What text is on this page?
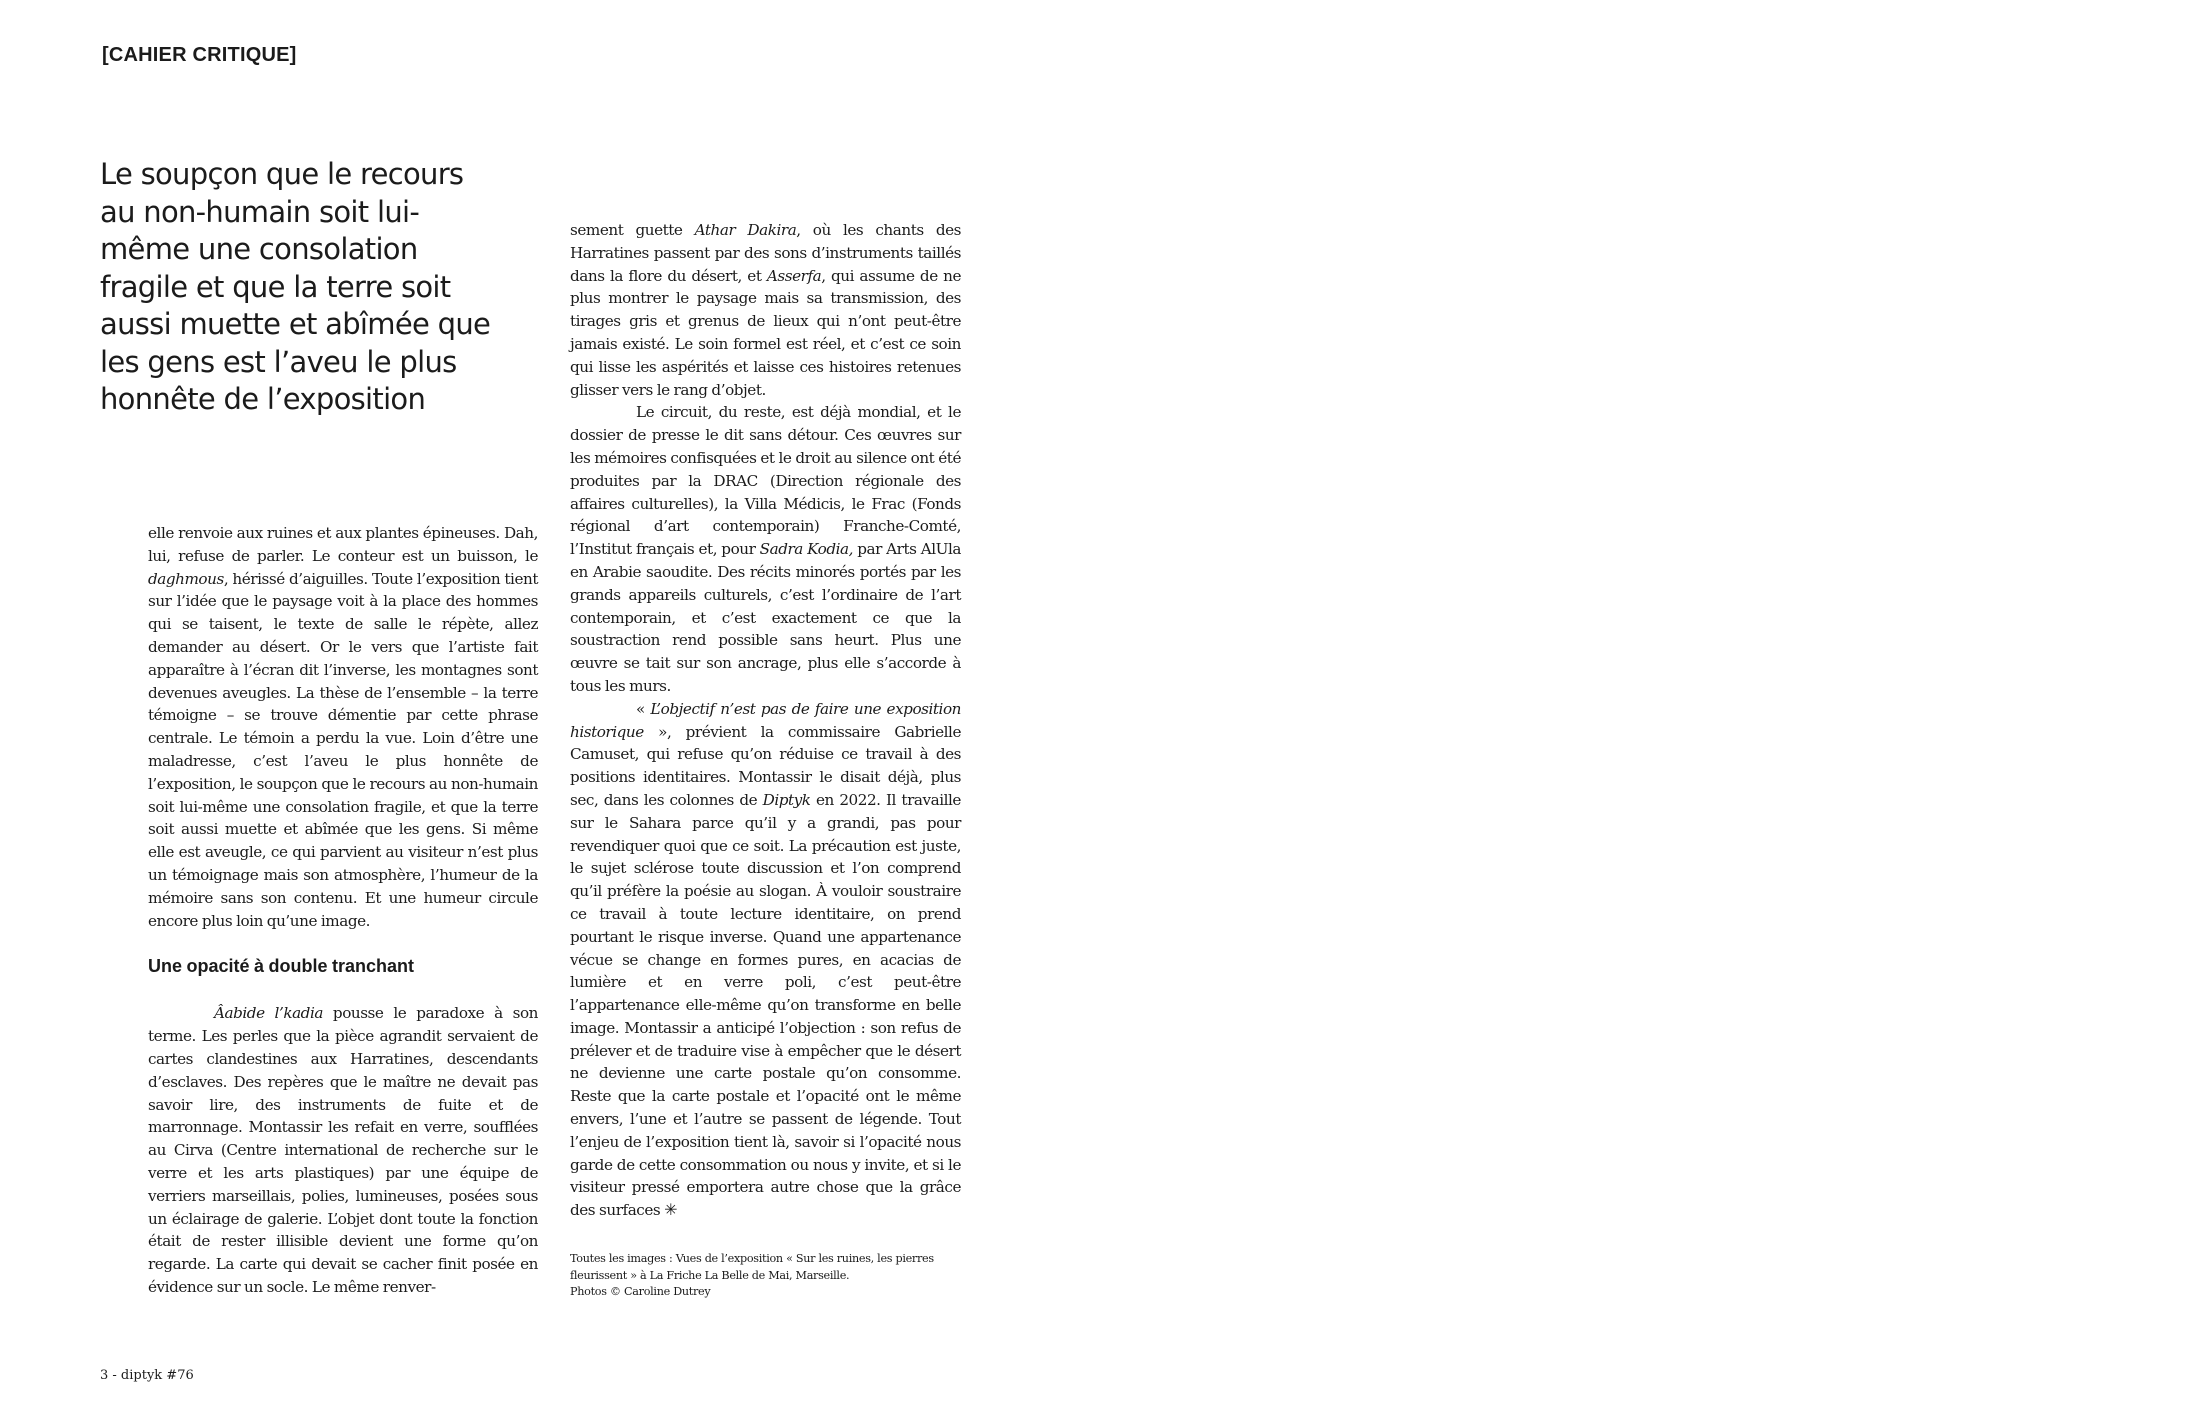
[CAHIER CRITIQUE]

Le soupçon que le recours au non-humain soit lui-même une consolation fragile et que la terre soit aussi muette et abîmée que les gens est l’aveu le plus honnête de l’exposition

elle renvoie aux ruines et aux plantes épineuses. Dah, lui, refuse de parler. Le conteur est un buisson, le daghmous, hérissé d’aiguilles. Toute l’exposition tient sur l’idée que le paysage voit à la place des hommes qui se taisent, le texte de salle le répète, allez demander au désert. Or le vers que l’artiste fait apparaître à l’écran dit l’inverse, les montagnes sont devenues aveugles. La thèse de l’ensemble – la terre témoigne – se trouve démentie par cette phrase centrale. Le témoin a perdu la vue. Loin d’être une maladresse, c’est l’aveu le plus honnête de l’exposition, le soupçon que le recours au non-humain soit lui-même une consolation fragile, et que la terre soit aussi muette et abîmée que les gens. Si même elle est aveugle, ce qui parvient au visiteur n’est plus un témoignage mais son atmosphère, l’humeur de la mémoire sans son contenu. Et une humeur circule encore plus loin qu’une image.

Une opacité à double tranchant

Âabide l’kadia pousse le paradoxe à son terme. Les perles que la pièce agrandit servaient de cartes clandestines aux Harratines, descendants d’esclaves. Des repères que le maître ne devait pas savoir lire, des instruments de fuite et de marronnage. Montassir les refait en verre, soufflées au Cirva (Centre international de recherche sur le verre et les arts plastiques) par une équipe de verriers marseillais, polies, lumineuses, posées sous un éclairage de galerie. L’objet dont toute la fonction était de rester illisible devient une forme qu’on regarde. La carte qui devait se cacher finit posée en évidence sur un socle. Le même renver-

sement guette Athar Dakira, où les chants des Harratines passent par des sons d’instruments taillés dans la flore du désert, et Asserfa, qui assume de ne plus montrer le paysage mais sa transmission, des tirages gris et grenus de lieux qui n’ont peut-être jamais existé. Le soin formel est réel, et c’est ce soin qui lisse les aspérités et laisse ces histoires retenues glisser vers le rang d’objet.

Le circuit, du reste, est déjà mondial, et le dossier de presse le dit sans détour. Ces œuvres sur les mémoires confisquées et le droit au silence ont été produites par la DRAC (Direction régionale des affaires culturelles), la Villa Médicis, le Frac (Fonds régional d’art contemporain) Franche-Comté, l’Institut français et, pour Sadra Kodia, par Arts AlUla en Arabie saoudite. Des récits minorés portés par les grands appareils culturels, c’est l’ordinaire de l’art contemporain, et c’est exactement ce que la soustraction rend possible sans heurt. Plus une œuvre se tait sur son ancrage, plus elle s’accorde à tous les murs.

« L’objectif n’est pas de faire une exposition historique », prévient la commissaire Gabrielle Camuset, qui refuse qu’on réduise ce travail à des positions identitaires. Montassir le disait déjà, plus sec, dans les colonnes de Diptyk en 2022. Il travaille sur le Sahara parce qu’il y a grandi, pas pour revendiquer quoi que ce soit. La précaution est juste, le sujet sclérose toute discussion et l’on comprend qu’il préfère la poésie au slogan. À vouloir soustraire ce travail à toute lecture identitaire, on prend pourtant le risque inverse. Quand une appartenance vécue se change en formes pures, en acacias de lumière et en verre poli, c’est peut-être l’appartenance elle-même qu’on transforme en belle image. Montassir a anticipé l’objection : son refus de prélever et de traduire vise à empêcher que le désert ne devienne une carte postale qu’on consomme. Reste que la carte postale et l’opacité ont le même envers, l’une et l’autre se passent de légende. Tout l’enjeu de l’exposition tient là, savoir si l’opacité nous garde de cette consommation ou nous y invite, et si le visiteur pressé emportera autre chose que la grâce des surfaces ✳

Toutes les images : Vues de l’exposition « Sur les ruines, les pierres fleurissent » à La Friche La Belle de Mai, Marseille.
Photos © Caroline Dutrey
3 - diptyk #76
